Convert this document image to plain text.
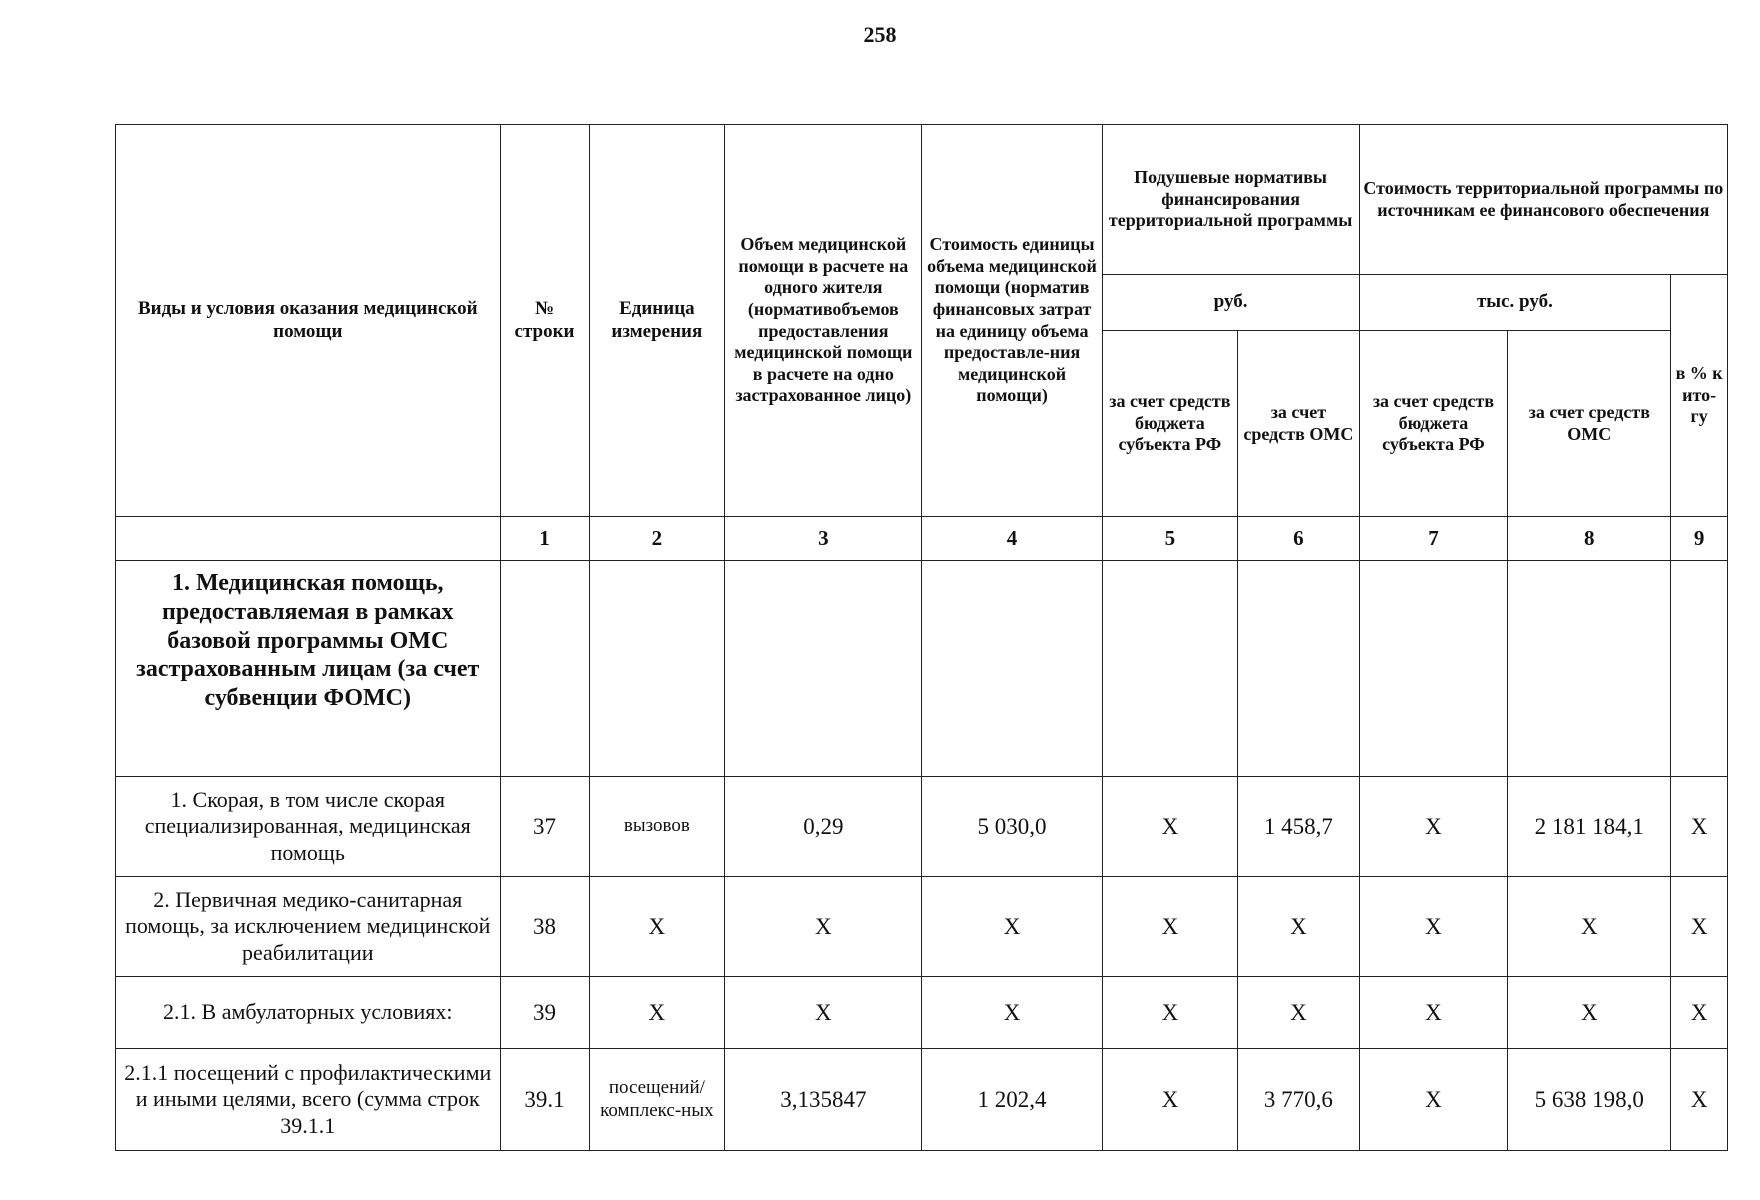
258
Виды и условия оказания медицинской помощи	№ строки	Единица измерения	Объем медицинской помощи в расчете на одного жителя (нормативобъемов предоставления медицинской помощи в расчете на одно застрахованное лицо)	Стоимость единицы объема медицинской помощи (норматив финансовых затрат на единицу объема предоставле-ния медицинской помощи)	Подушевые нормативы финансирования территориальной программы		Стоимость территориальной программы по источникам ее финансового обеспечения		
					руб.		тыс. руб.		в % к ито-гу
					за счет средств бюджета субъекта РФ	за счет средств ОМС	за счет средств бюджета субъекта РФ	за счет средств ОМС	
	1	2	3	4	5	6	7	8	9
1. Медицинская помощь, предоставляемая в рамках базовой программы ОМС застрахованным лицам (за счет субвенции ФОМС)									
1. Скорая, в том числе скорая специализированная, медицинская помощь	37	вызовов	0,29	5 030,0	X	1 458,7	X	2 181 184,1	X
2. Первичная медико-санитарная помощь, за исключением медицинской реабилитации	38	X	X	X	X	X	X	X	X
2.1. В амбулаторных условиях:	39	X	X	X	X	X	X	X	X
2.1.1 посещений с профилактическими и иными целями, всего (сумма строк 39.1.1	39.1	посещений/ комплекс-ных	3,135847	1 202,4	X	3 770,6	X	5 638 198,0	X
